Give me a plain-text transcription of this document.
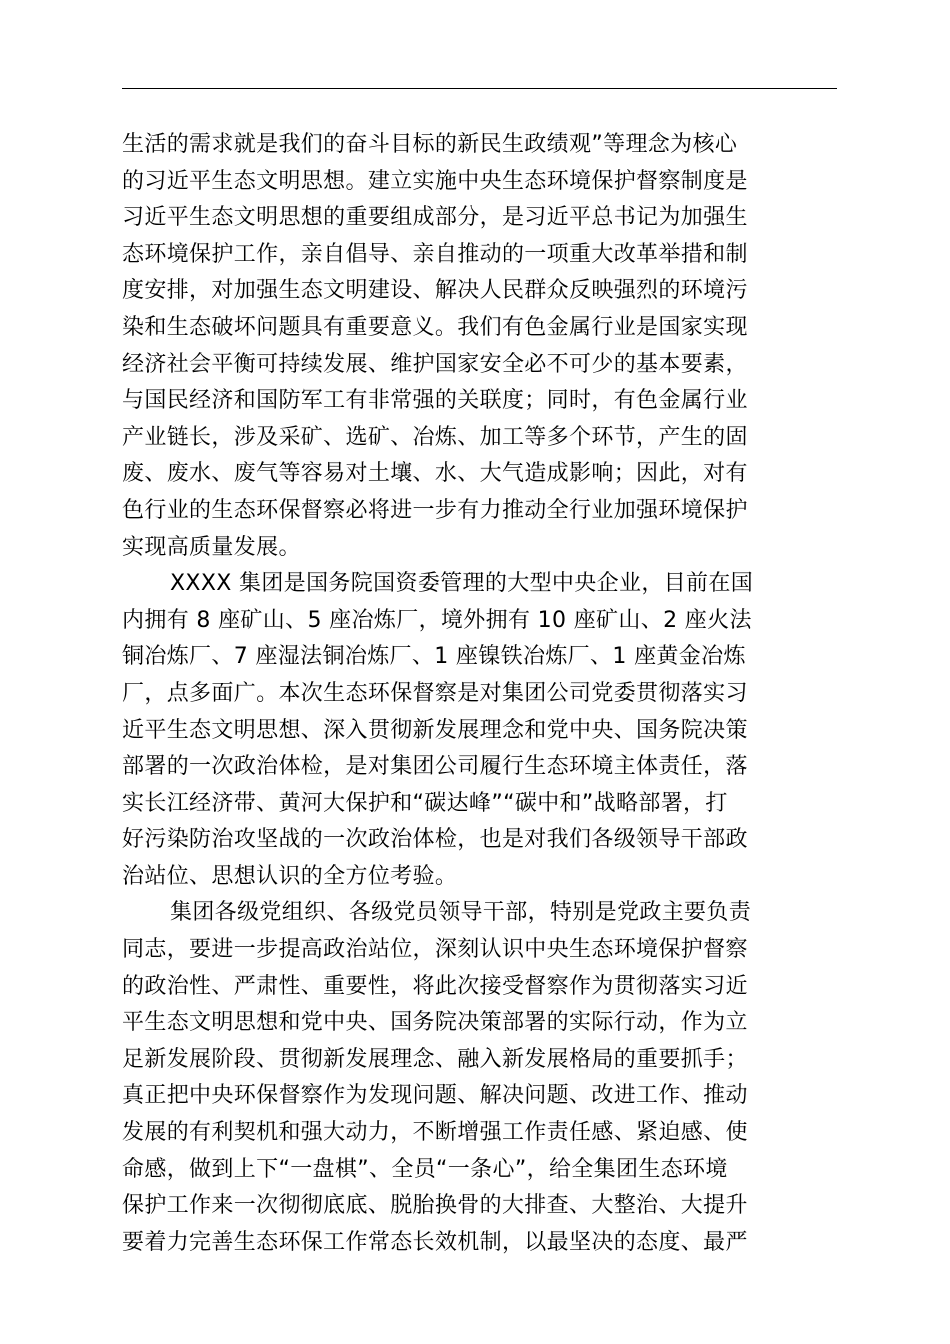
生活的需求就是我们的奋斗目标的新民生政绩观”等理念为核心
的习近平生态文明思想。建立实施中央生态环境保护督察制度是
习近平生态文明思想的重要组成部分，是习近平总书记为加强生
态环境保护工作，亲自倡导、亲自推动的一项重大改革举措和制
度安排，对加强生态文明建设、解决人民群众反映强烈的环境污
染和生态破坏问题具有重要意义。我们有色金属行业是国家实现
经济社会平衡可持续发展、维护国家安全必不可少的基本要素，
与国民经济和国防军工有非常强的关联度；同时，有色金属行业
产业链长，涉及采矿、选矿、冶炼、加工等多个环节，产生的固
废、废水、废气等容易对土壤、水、大气造成影响；因此，对有
色行业的生态环保督察必将进一步有力推动全行业加强环境保护
实现高质量发展。
XXXX 集团是国务院国资委管理的大型中央企业，目前在国
内拥有 8 座矿山、5 座冶炼厂，境外拥有 10 座矿山、2 座火法
铜冶炼厂、7 座湿法铜冶炼厂、1 座镍铁冶炼厂、1 座黄金冶炼
厂，点多面广。本次生态环保督察是对集团公司党委贯彻落实习
近平生态文明思想、深入贯彻新发展理念和党中央、国务院决策
部署的一次政治体检，是对集团公司履行生态环境主体责任，落
实长江经济带、黄河大保护和“碳达峰”“碳中和”战略部署，打
好污染防治攻坚战的一次政治体检，也是对我们各级领导干部政
治站位、思想认识的全方位考验。
集团各级党组织、各级党员领导干部，特别是党政主要负责
同志，要进一步提高政治站位，深刻认识中央生态环境保护督察
的政治性、严肃性、重要性，将此次接受督察作为贯彻落实习近
平生态文明思想和党中央、国务院决策部署的实际行动，作为立
足新发展阶段、贯彻新发展理念、融入新发展格局的重要抓手；
真正把中央环保督察作为发现问题、解决问题、改进工作、推动
发展的有利契机和强大动力，不断增强工作责任感、紧迫感、使
命感，做到上下“一盘棋”、全员“一条心”，给全集团生态环境
保护工作来一次彻彻底底、脱胎换骨的大排查、大整治、大提升
要着力完善生态环保工作常态长效机制，以最坚决的态度、最严
